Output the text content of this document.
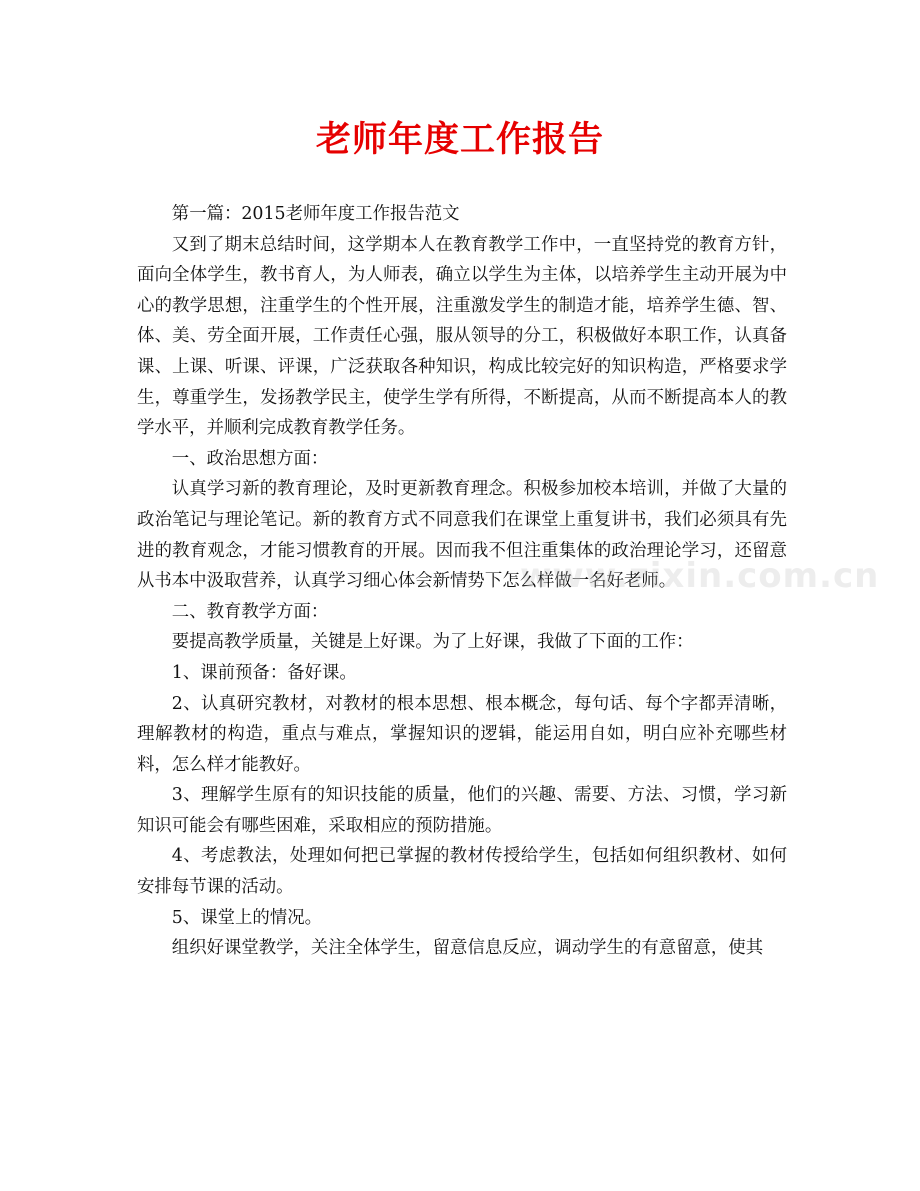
老师年度工作报告

第一篇：2015老师年度工作报告范文

又到了期末总结时间，这学期本人在教育教学工作中，一直坚持党的教育方针，面向全体学生，教书育人，为人师表，确立以学生为主体，以培养学生主动开展为中心的教学思想，注重学生的个性开展，注重激发学生的制造才能，培养学生德、智、体、美、劳全面开展，工作责任心强，服从领导的分工，积极做好本职工作，认真备课、上课、听课、评课，广泛获取各种知识，构成比较完好的知识构造，严格要求学生，尊重学生，发扬教学民主，使学生学有所得，不断提高，从而不断提高本人的教学水平，并顺利完成教育教学任务。

一、政治思想方面：

认真学习新的教育理论，及时更新教育理念。积极参加校本培训，并做了大量的政治笔记与理论笔记。新的教育方式不同意我们在课堂上重复讲书，我们必须具有先进的教育观念，才能习惯教育的开展。因而我不但注重集体的政治理论学习，还留意从书本中汲取营养，认真学习细心体会新情势下怎么样做一名好老师。

二、教育教学方面：

要提高教学质量，关键是上好课。为了上好课，我做了下面的工作：

1、课前预备：备好课。

2、认真研究教材，对教材的根本思想、根本概念，每句话、每个字都弄清晰，理解教材的构造，重点与难点，掌握知识的逻辑，能运用自如，明白应补充哪些材料，怎么样才能教好。

3、理解学生原有的知识技能的质量，他们的兴趣、需要、方法、习惯，学习新知识可能会有哪些困难，采取相应的预防措施。

4、考虑教法，处理如何把已掌握的教材传授给学生，包括如何组织教材、如何安排每节课的活动。

5、课堂上的情况。

组织好课堂教学，关注全体学生，留意信息反应，调动学生的有意留意，使其

www.zixin.com.cn
